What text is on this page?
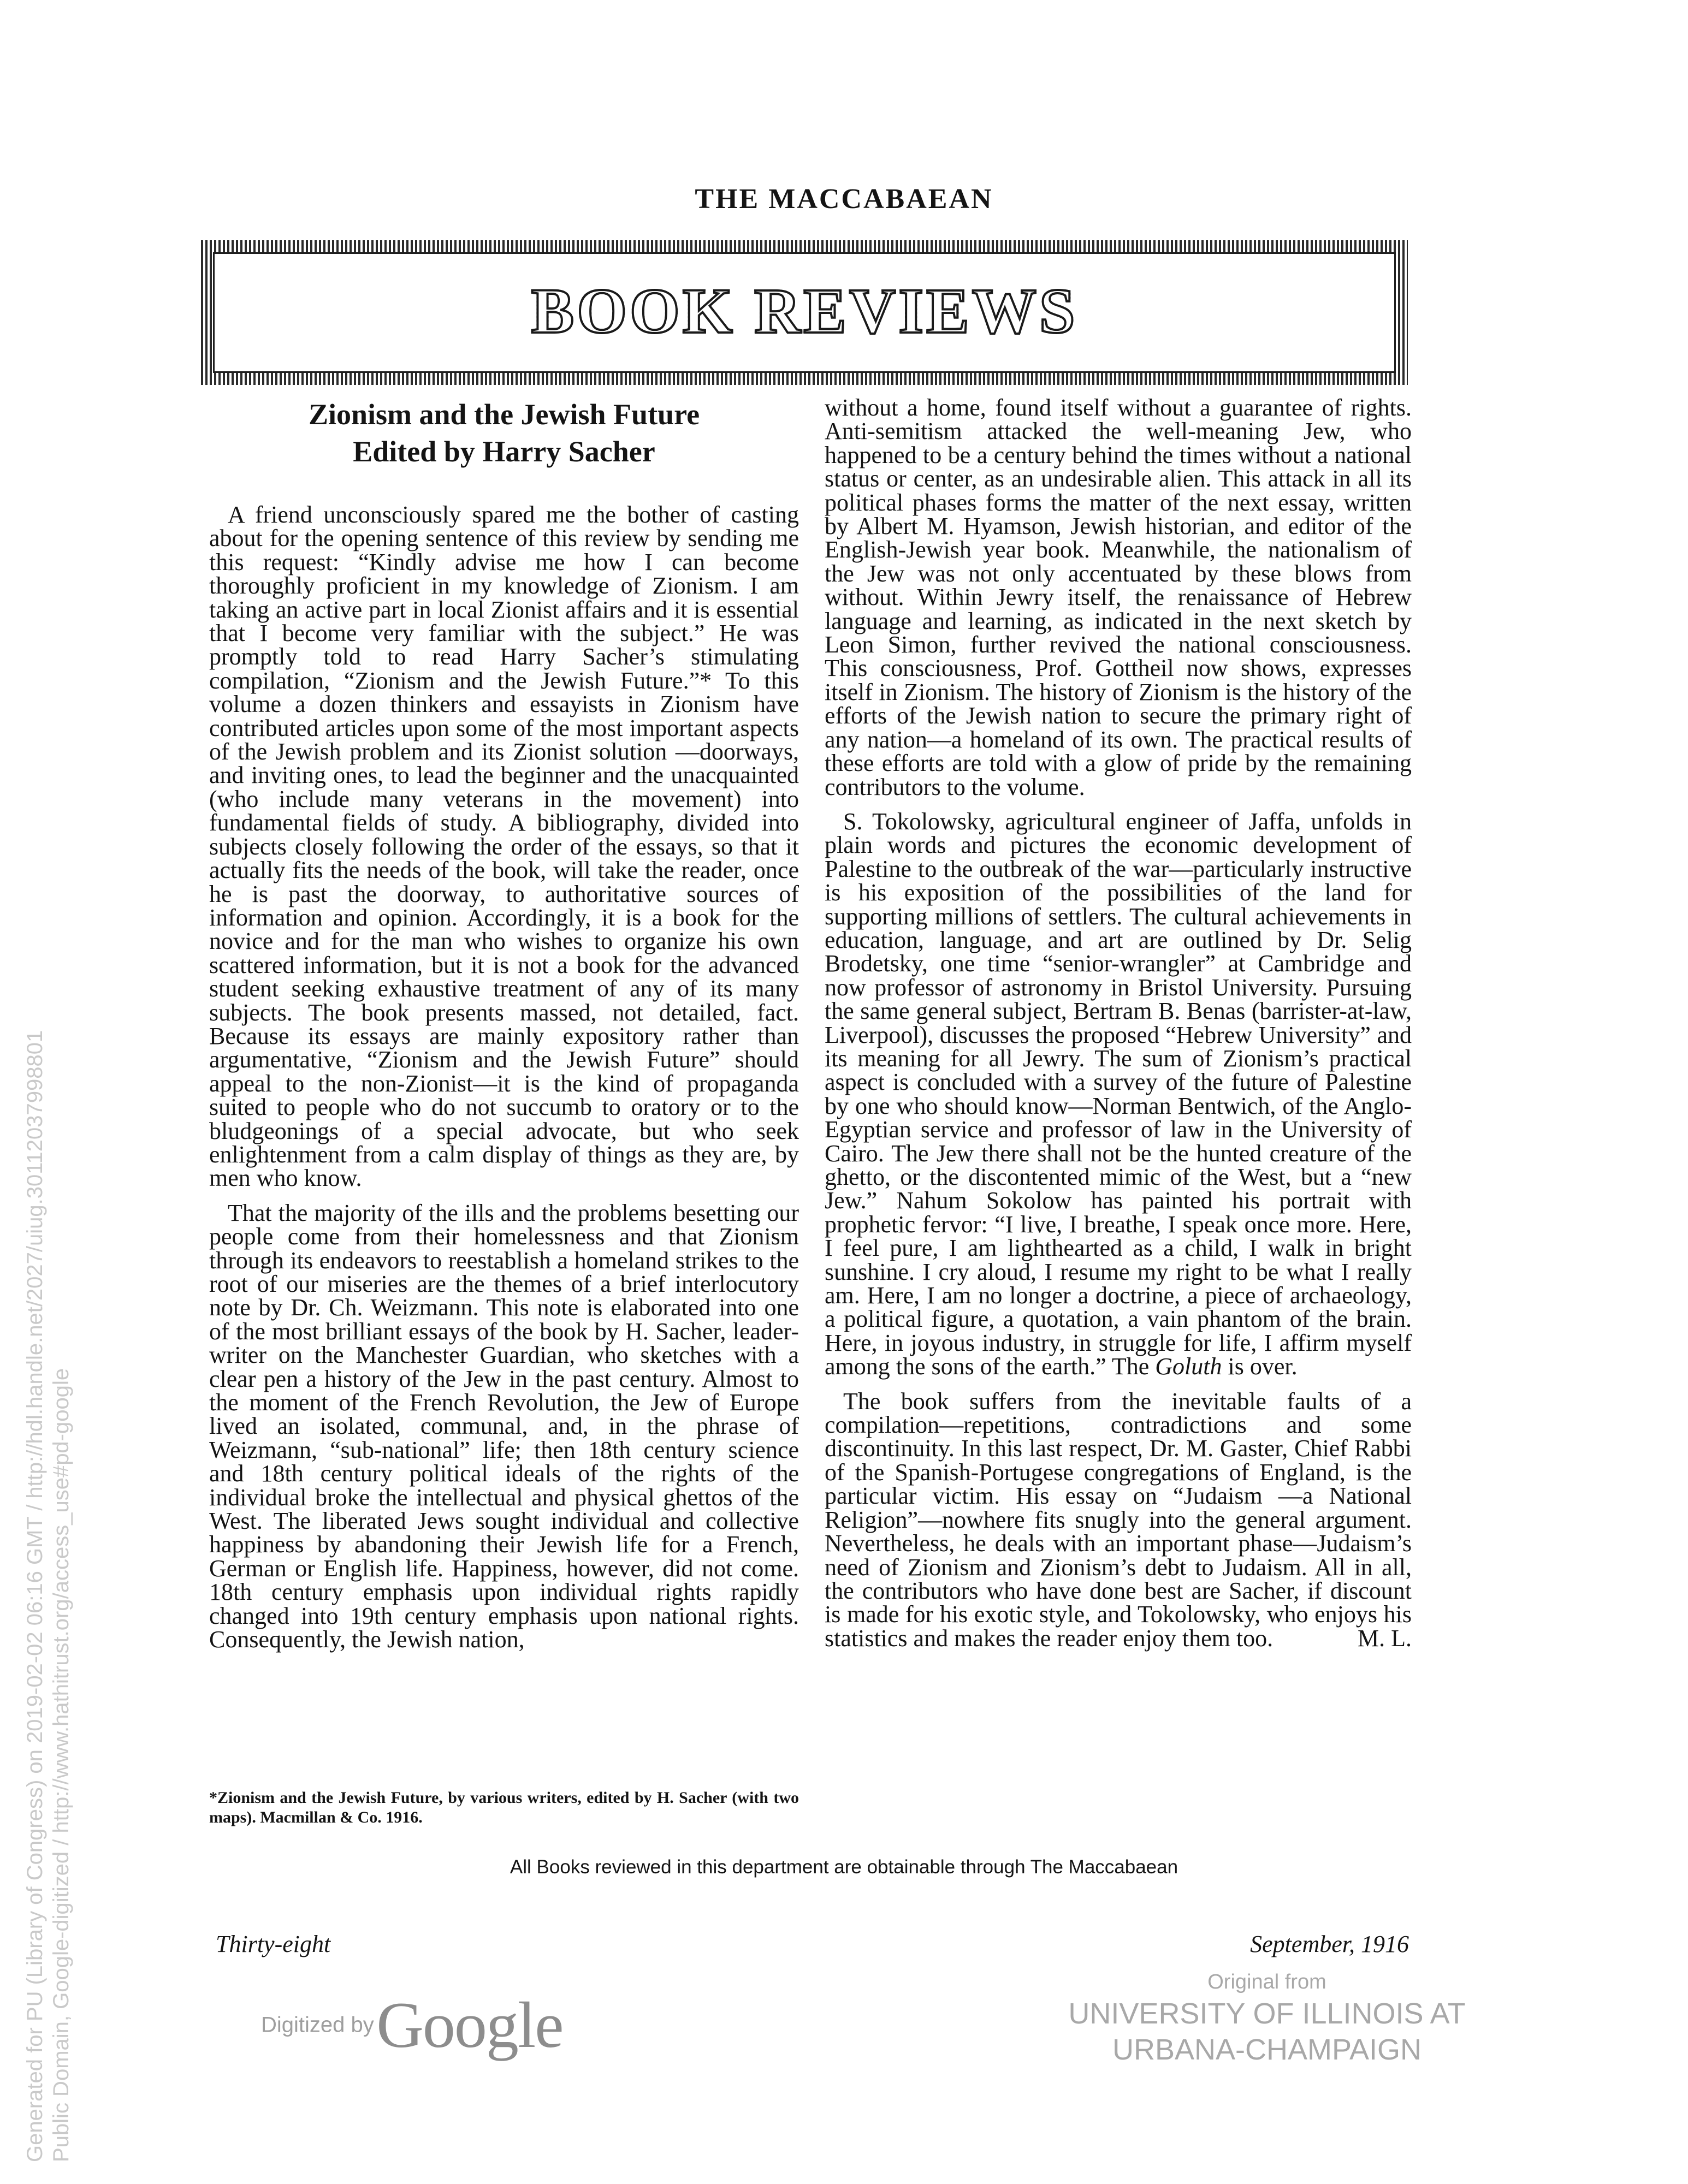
THE MACCABAEAN
BOOK REVIEWS
Zionism and the Jewish Future
Edited by Harry Sacher

A friend unconsciously spared me the bother of casting about for the opening sentence of this review by sending me this request: “Kindly advise me how I can become thoroughly proficient in my knowledge of Zionism. I am taking an active part in local Zionist affairs and it is essential that I become very familiar with the subject.” He was promptly told to read Harry Sacher’s stimulating compilation, “Zionism and the Jewish Future.”* To this volume a dozen thinkers and essayists in Zionism have contributed articles upon some of the most important aspects of the Jewish problem and its Zionist solution —doorways, and inviting ones, to lead the beginner and the unacquainted (who include many veterans in the movement) into fundamental fields of study. A bibliography, divided into subjects closely following the order of the essays, so that it actually fits the needs of the book, will take the reader, once he is past the doorway, to authoritative sources of information and opinion. Accordingly, it is a book for the novice and for the man who wishes to organize his own scattered information, but it is not a book for the advanced student seeking exhaustive treatment of any of its many subjects. The book presents massed, not detailed, fact. Because its essays are mainly expository rather than argumentative, “Zionism and the Jewish Future” should appeal to the non-Zionist—it is the kind of propaganda suited to people who do not succumb to oratory or to the bludgeonings of a special advocate, but who seek enlightenment from a calm display of things as they are, by men who know.

That the majority of the ills and the problems besetting our people come from their homelessness and that Zionism through its endeavors to reestablish a homeland strikes to the root of our miseries are the themes of a brief interlocutory note by Dr. Ch. Weizmann. This note is elaborated into one of the most brilliant essays of the book by H. Sacher, leader-writer on the Manchester Guardian, who sketches with a clear pen a history of the Jew in the past century. Almost to the moment of the French Revolution, the Jew of Europe lived an isolated, communal, and, in the phrase of Weizmann, “sub-national” life; then 18th century science and 18th century political ideals of the rights of the individual broke the intellectual and physical ghettos of the West. The liberated Jews sought individual and collective happiness by abandoning their Jewish life for a French, German or English life. Happiness, however, did not come. 18th century emphasis upon individual rights rapidly changed into 19th century emphasis upon national rights. Consequently, the Jewish nation,

without a home, found itself without a guarantee of rights. Anti-semitism attacked the well-meaning Jew, who happened to be a century behind the times without a national status or center, as an undesirable alien. This attack in all its political phases forms the matter of the next essay, written by Albert M. Hyamson, Jewish historian, and editor of the English-Jewish year book. Meanwhile, the nationalism of the Jew was not only accentuated by these blows from without. Within Jewry itself, the renaissance of Hebrew language and learning, as indicated in the next sketch by Leon Simon, further revived the national consciousness. This consciousness, Prof. Gottheil now shows, expresses itself in Zionism. The history of Zionism is the history of the efforts of the Jewish nation to secure the primary right of any nation—a homeland of its own. The practical results of these efforts are told with a glow of pride by the remaining contributors to the volume.

S. Tokolowsky, agricultural engineer of Jaffa, unfolds in plain words and pictures the economic development of Palestine to the outbreak of the war—particularly instructive is his exposition of the possibilities of the land for supporting millions of settlers. The cultural achievements in education, language, and art are outlined by Dr. Selig Brodetsky, one time “senior-wrangler” at Cambridge and now professor of astronomy in Bristol University. Pursuing the same general subject, Bertram B. Benas (barrister-at-law, Liverpool), discusses the proposed “Hebrew University” and its meaning for all Jewry. The sum of Zionism’s practical aspect is concluded with a survey of the future of Palestine by one who should know—Norman Bentwich, of the Anglo-Egyptian service and professor of law in the University of Cairo. The Jew there shall not be the hunted creature of the ghetto, or the discontented mimic of the West, but a “new Jew.” Nahum Sokolow has painted his portrait with prophetic fervor: “I live, I breathe, I speak once more. Here, I feel pure, I am lighthearted as a child, I walk in bright sunshine. I cry aloud, I resume my right to be what I really am. Here, I am no longer a doctrine, a piece of archaeology, a political figure, a quotation, a vain phantom of the brain. Here, in joyous industry, in struggle for life, I affirm myself among the sons of the earth.” The Goluth is over.

The book suffers from the inevitable faults of a compilation—repetitions, contradictions and some discontinuity. In this last respect, Dr. M. Gaster, Chief Rabbi of the Spanish-Portugese congregations of England, is the particular victim. His essay on “Judaism —a National Religion”—nowhere fits snugly into the general argument. Nevertheless, he deals with an important phase—Judaism’s need of Zionism and Zionism’s debt to Judaism. All in all, the contributors who have done best are Sacher, if discount is made for his exotic style, and Tokolowsky, who enjoys his statistics and makes the reader enjoy them too.	M. L.

*Zionism and the Jewish Future, by various writers, edited by H. Sacher (with two maps). Macmillan & Co. 1916.
All Books reviewed in this department are obtainable through The Maccabaean
Thirty-eight	September, 1916
Generated for PU (Library of Congress) on 2019-02-02 06:16 GMT / http://hdl.handle.net/2027/uiug.30112037998801 Public Domain, Google-digitized / http://www.hathitrust.org/access_use#pd-google	Digitized by Google
Original from
UNIVERSITY OF ILLINOIS AT
URBANA-CHAMPAIGN
